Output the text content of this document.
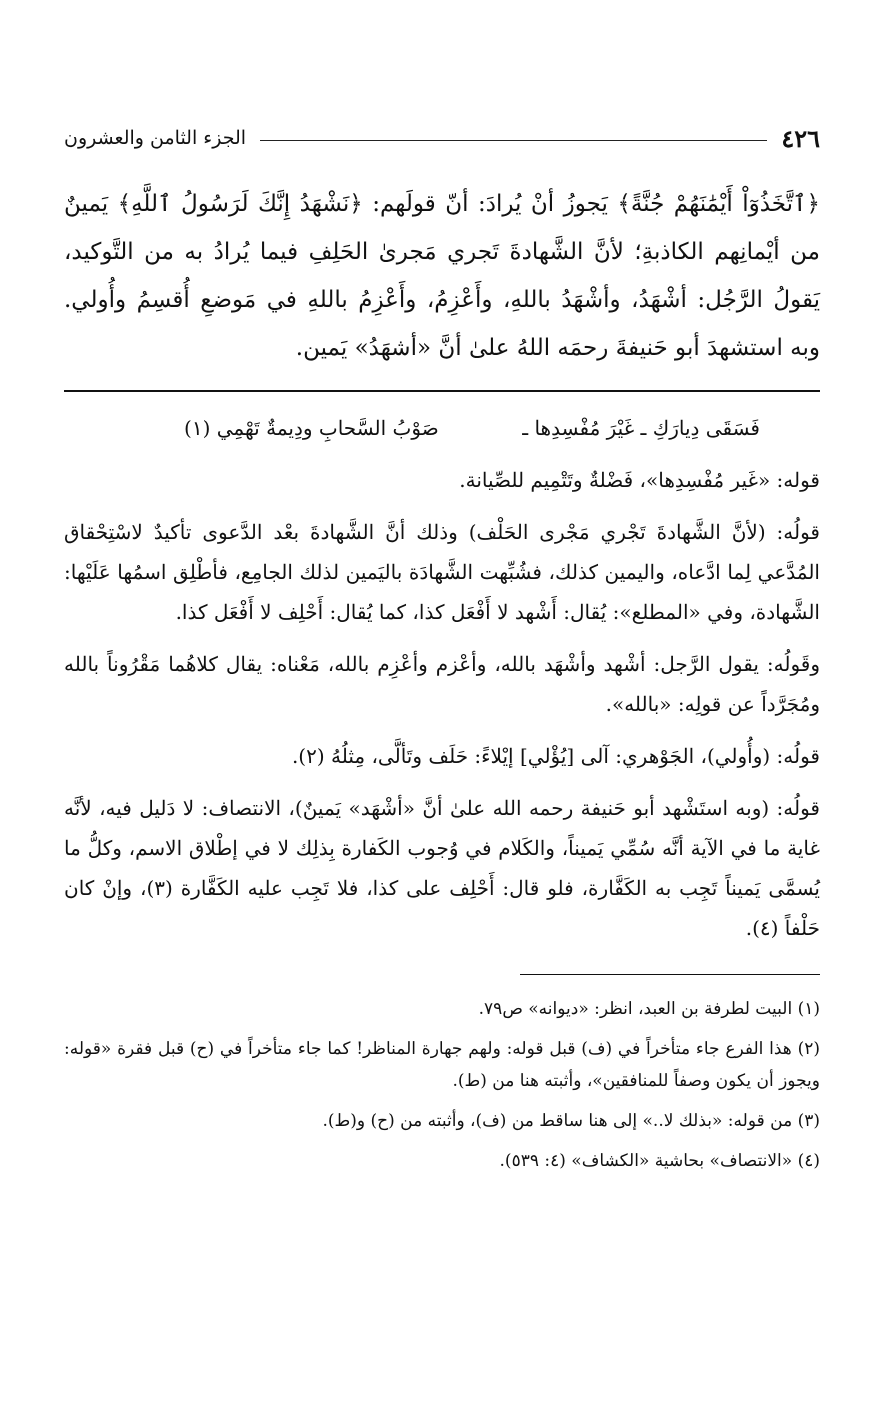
٤٢٦
الجزء الثامن والعشرون
﴿ٱتَّخَذُوٓاْ أَيْمَٰنَهُمْ جُنَّةً﴾ يَجوزُ أنْ يُرادَ: أنّ قولَهم: ﴿نَشْهَدُ إِنَّكَ لَرَسُولُ ٱللَّهِ﴾ يَمينٌ من أيْمانِهم الكاذبةِ؛ لأنَّ الشَّهادةَ تَجري مَجرىٰ الحَلِفِ فيما يُرادُ به من التَّوكيد، يَقولُ الرَّجُل: أشْهَدُ، وأشْهَدُ باللهِ، وأَعْزِمُ، وأَعْزِمُ باللهِ في مَوضعِ أُقسِمُ وأُولي. وبه استشهدَ أبو حَنيفةَ رحمَه اللهُ علىٰ أنَّ «أشهَدُ» يَمين.
فَسَقَى دِيارَكِ ـ غَيْرَ مُفْسِدِها ـ
صَوْبُ السَّحابِ ودِيمةٌ تَهْمِي (١)

قوله: «غَير مُفْسِدِها»، فَضْلةٌ وتَتْمِيم للصِّيانة.

قولُه: (لأنَّ الشَّهادةَ تَجْري مَجْرى الحَلْف) وذلك أنَّ الشَّهادةَ بعْد الدَّعوى تأكيدٌ لاسْتِحْقاق المُدَّعي لِما ادَّعاه، واليمين كذلك، فشُبِّهت الشَّهادَة باليَمين لذلك الجامِع، فأطْلِق اسمُها عَلَيْها: الشَّهادة، وفي «المطلع»: يُقال: أَشْهد لا أَفْعَل كذا، كما يُقال: أَحْلِف لا أَفْعَل كذا.

وقَولُه: يقول الرَّجل: أشْهد وأشْهَد بالله، وأعْزم وأعْزِم بالله، مَعْناه: يقال كلاهُما مَقْرُوناً بالله ومُجَرَّداً عن قولِه: «بالله».

قولُه: (وأُولي)، الجَوْهري: آلى [يُؤْلي] إيْلاءً: حَلَف وتَألَّى، مِثلُهُ (٢).

قولُه: (وبه استَشْهد أبو حَنيفة رحمه الله علىٰ أنَّ «أشْهَد» يَمينٌ)، الانتصاف: لا دَليل فيه، لأنَّه غاية ما في الآية أنَّه سُمِّي يَميناً، والكَلام في وُجوب الكَفارة بِذلِك لا في إطْلاق الاسم، وكلُّ ما يُسمَّى يَميناً تَجِب به الكَفَّارة، فلو قال: أَحْلِف على كذا، فلا تَجِب عليه الكَفَّارة (٣)، وإنْ كان حَلْفاً (٤).

(١) البيت لطرفة بن العبد، انظر: «ديوانه» ص٧٩.

(٢) هذا الفرع جاء متأخراً في (ف) قبل قوله: ولهم جهارة المناظر! كما جاء متأخراً في (ح) قبل فقرة «قوله: ويجوز أن يكون وصفاً للمنافقين»، وأثبته هنا من (ط).

(٣) من قوله: «بذلك لا..» إلى هنا ساقط من (ف)، وأثبته من (ح) و(ط).

(٤) «الانتصاف» بحاشية «الكشاف» (٤: ٥٣٩).
